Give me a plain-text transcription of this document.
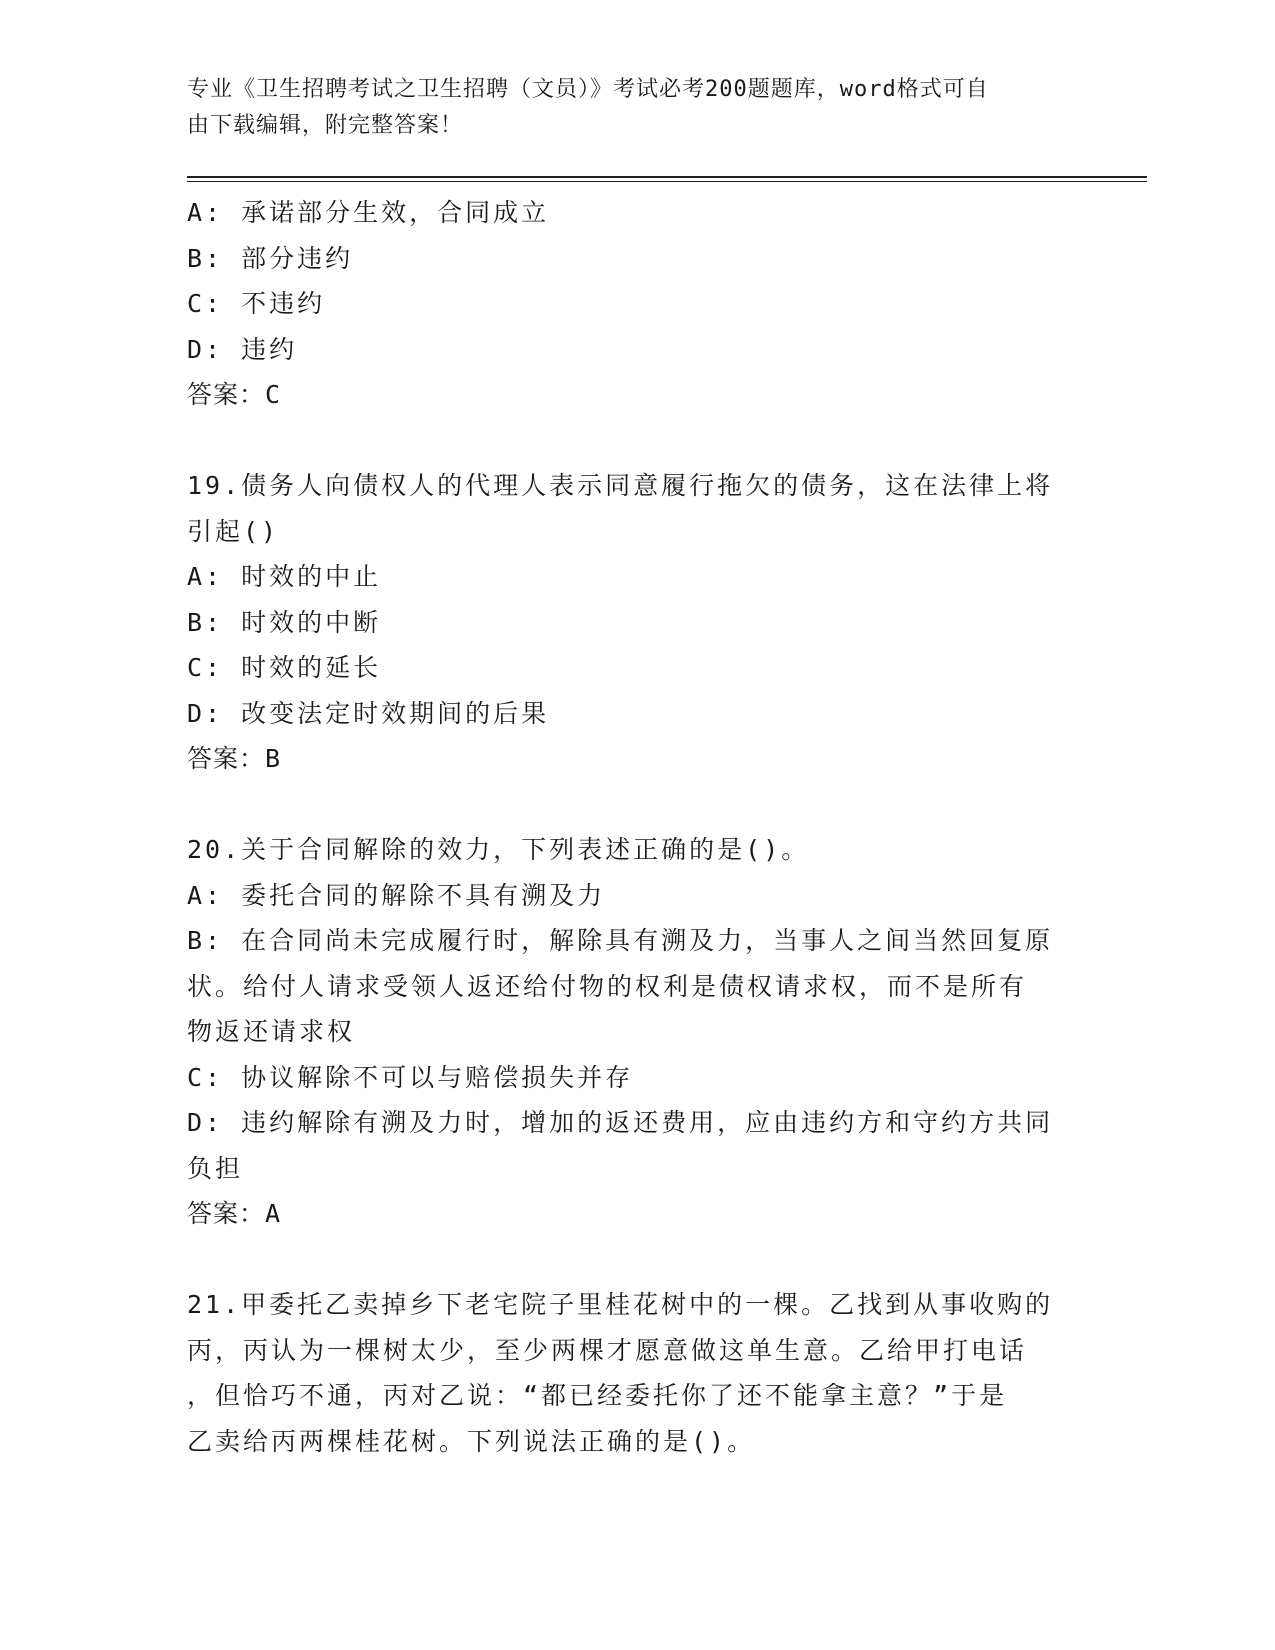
专业《卫生招聘考试之卫生招聘（文员）》考试必考200题题库，word格式可自
由下载编辑，附完整答案！
A: 承诺部分生效，合同成立
B: 部分违约
C: 不违约
D: 违约
答案：C
19.债务人向债权人的代理人表示同意履行拖欠的债务，这在法律上将
引起()
A: 时效的中止
B: 时效的中断
C: 时效的延长
D: 改变法定时效期间的后果
答案：B
20.关于合同解除的效力，下列表述正确的是()。
A: 委托合同的解除不具有溯及力
B: 在合同尚未完成履行时，解除具有溯及力，当事人之间当然回复原
状。给付人请求受领人返还给付物的权利是债权请求权，而不是所有
物返还请求权
C: 协议解除不可以与赔偿损失并存
D: 违约解除有溯及力时，增加的返还费用，应由违约方和守约方共同
负担
答案：A
21.甲委托乙卖掉乡下老宅院子里桂花树中的一棵。乙找到从事收购的
丙，丙认为一棵树太少，至少两棵才愿意做这单生意。乙给甲打电话
，但恰巧不通，丙对乙说：“都已经委托你了还不能拿主意？”于是
乙卖给丙两棵桂花树。下列说法正确的是()。
